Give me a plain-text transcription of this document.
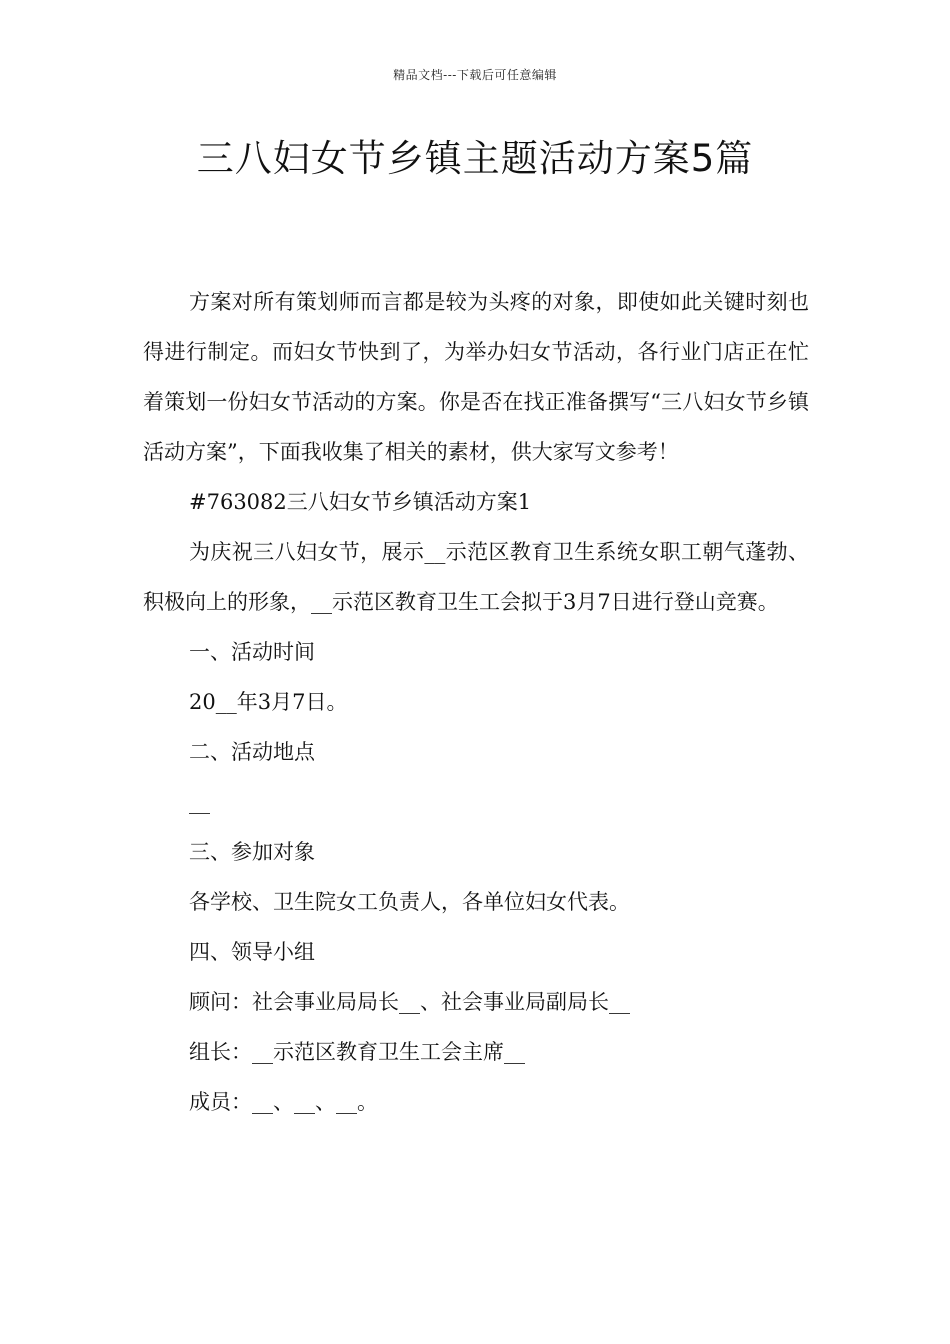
精品文档---下载后可任意编辑
三八妇女节乡镇主题活动方案5篇

方案对所有策划师而言都是较为头疼的对象，即使如此关键时刻也得进行制定。而妇女节快到了，为举办妇女节活动，各行业门店正在忙着策划一份妇女节活动的方案。你是否在找正准备撰写“三八妇女节乡镇活动方案”，下面我收集了相关的素材，供大家写文参考！

#763082三八妇女节乡镇活动方案1

为庆祝三八妇女节，展示__示范区教育卫生系统女职工朝气蓬勃、积极向上的形象，__示范区教育卫生工会拟于3月7日进行登山竞赛。

一、活动时间

20__年3月7日。

二、活动地点

__

三、参加对象

各学校、卫生院女工负责人，各单位妇女代表。

四、领导小组

顾问：社会事业局局长__、社会事业局副局长__

组长：__示范区教育卫生工会主席__

成员：__、__、__。
